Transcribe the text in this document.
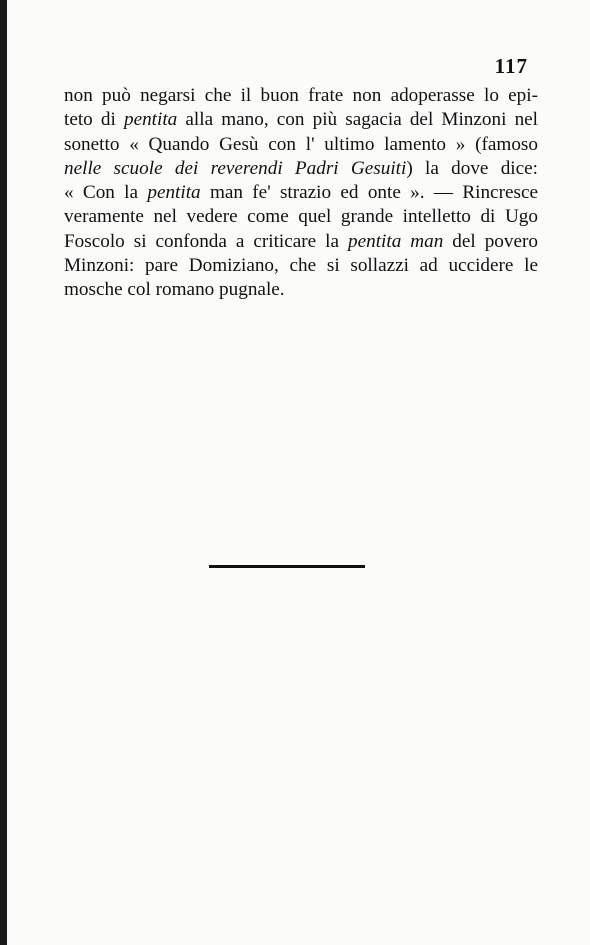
117
non può negarsi che il buon frate non adoperasse lo epi-
teto di pentita alla mano, con più sagacia del Minzoni nel
sonetto « Quando Gesù con l' ultimo lamento » (famoso
nelle scuole dei reverendi Padri Gesuiti) la dove dice:
« Con la pentita man fe' strazio ed onte ». — Rincresce
veramente nel vedere come quel grande intelletto di Ugo
Foscolo si confonda a criticare la pentita man del povero
Minzoni: pare Domiziano, che si sollazzi ad uccidere le
mosche col romano pugnale.
